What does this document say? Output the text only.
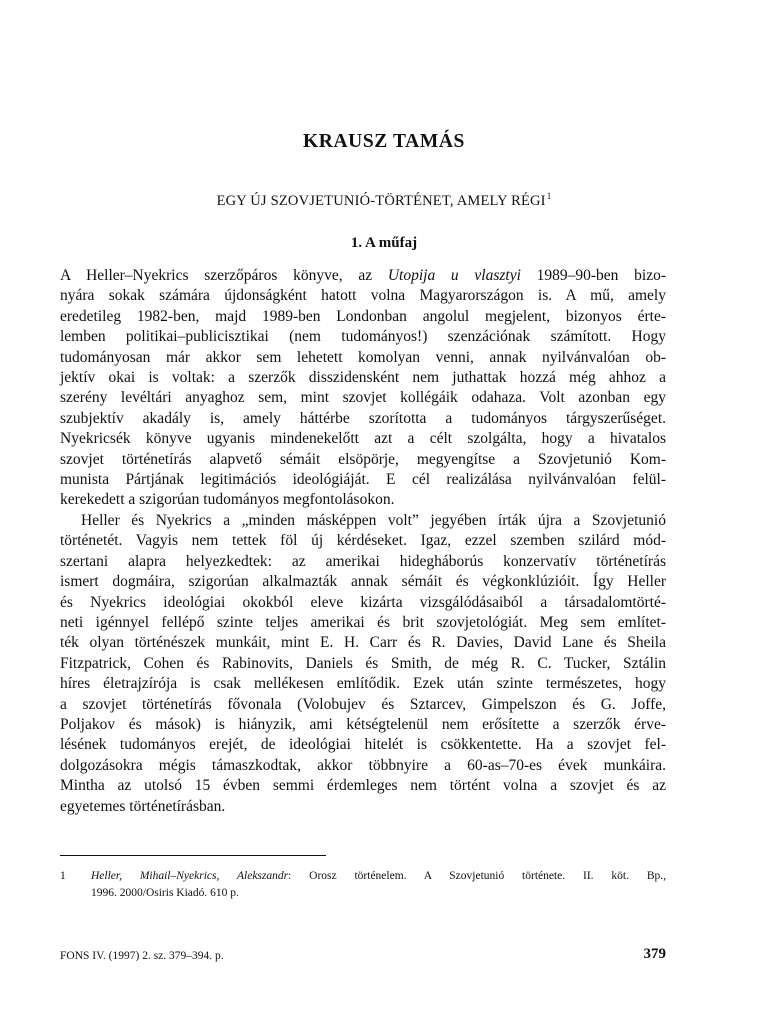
KRAUSZ TAMÁS
EGY ÚJ SZOVJETUNIÓ-TÖRTÉNET, AMELY RÉGI$^1$
1. A műfaj

A Heller–Nyekrics szerzőpáros könyve, az Utopija u vlasztyi 1989–90-ben bizo-
nyára sokak számára újdonságként hatott volna Magyarországon is. A mű, amely
eredetileg 1982-ben, majd 1989-ben Londonban angolul megjelent, bizonyos érte-
lemben politikai–publicisztikai (nem tudományos!) szenzációnak számított. Hogy
tudományosan már akkor sem lehetett komolyan venni, annak nyilvánvalóan ob-
jektív okai is voltak: a szerzők disszidensként nem juthattak hozzá még ahhoz a
szerény levéltári anyaghoz sem, mint szovjet kollégáik odahaza. Volt azonban egy
szubjektív akadály is, amely háttérbe szorította a tudományos tárgyszerűséget.
Nyekricsék könyve ugyanis mindenekelőtt azt a célt szolgálta, hogy a hivatalos
szovjet történetírás alapvető sémáit elsöpörje, megyengítse a Szovjetunió Kom-
munista Pártjának legitimációs ideológiáját. E cél realizálása nyilvánvalóan felül-
kerekedett a szigorúan tudományos megfontolásokon.

Heller és Nyekrics a „minden másképpen volt” jegyében írták újra a Szovjetunió
történetét. Vagyis nem tettek föl új kérdéseket. Igaz, ezzel szemben szilárd mód-
szertani alapra helyezkedtek: az amerikai hidegháborús konzervatív történetírás
ismert dogmáira, szigorúan alkalmazták annak sémáit és végkonklúzióit. Így Heller
és Nyekrics ideológiai okokból eleve kizárta vizsgálódásaiból a társadalomtörté-
neti igénnyel fellépő szinte teljes amerikai és brit szovjetológiát. Meg sem említet-
ték olyan történészek munkáit, mint E. H. Carr és R. Davies, David Lane és Sheila
Fitzpatrick, Cohen és Rabinovits, Daniels és Smith, de még R. C. Tucker, Sztálin
híres életrajzírója is csak mellékesen említődik. Ezek után szinte természetes, hogy
a szovjet történetírás fővonala (Volobujev és Sztarcev, Gimpelszon és G. Joffe,
Poljakov és mások) is hiányzik, ami kétségtelenül nem erősítette a szerzők érve-
lésének tudományos erejét, de ideológiai hitelét is csökkentette. Ha a szovjet fel-
dolgozásokra mégis támaszkodtak, akkor többnyire a 60-as–70-es évek munkáira.
Mintha az utolsó 15 évben semmi érdemleges nem történt volna a szovjet és az
egyetemes történetírásban.

1 Heller, Mihail–Nyekrics, Alekszandr: Orosz történelem. A Szovjetunió története. II. köt. Bp.,
1996. 2000/Osiris Kiadó. 610 p.
FONS IV. (1997) 2. sz. 379–394. p.	379
